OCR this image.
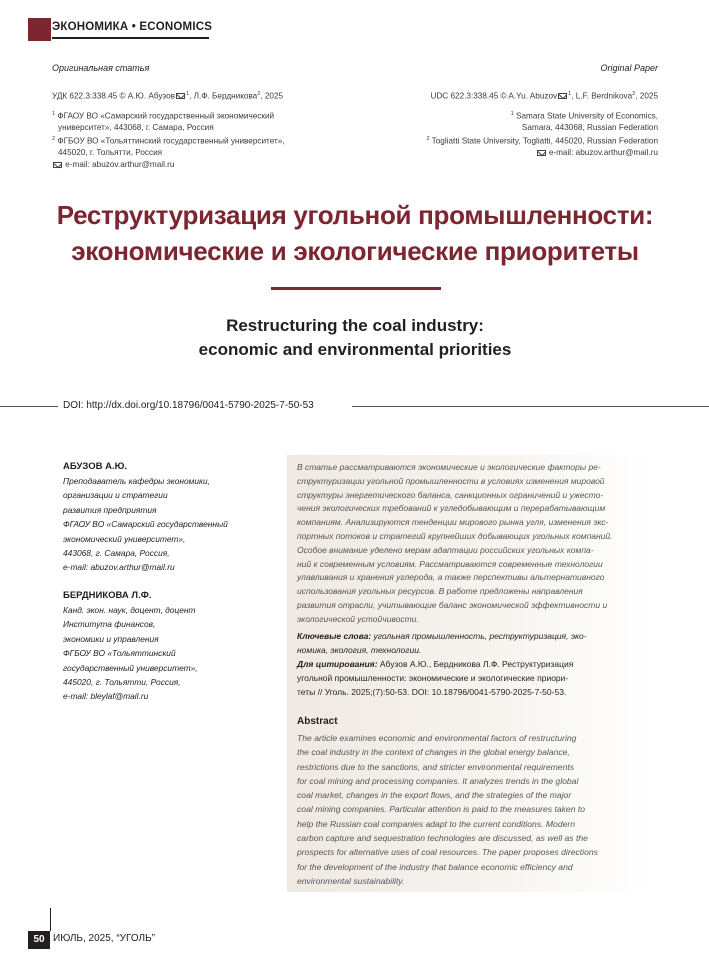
ЭКОНОМИКА • ECONOMICS
Оригинальная статья	Original Paper
УДК 622.3:338.45 © А.Ю. Абузов $^1$, Л.Ф. Бердникова$^2$, 2025
$^1$ ФГАОУ ВО «Самарский государственный экономический
университет», 443068, г. Самара, Россия
$^2$ ФГБОУ ВО «Тольяттинский государственный университет»,
445020, г. Тольятти, Россия
e-mail: abuzov.arthur@mail.ru
UDC 622.3:338.45 © A.Yu. Abuzov $^1$, L.F. Berdnikova$^2$, 2025
$^1$ Samara State University of Economics,
Samara, 443068, Russian Federation
$^2$ Togliatti State University, Togliatti, 445020, Russian Federation
e-mail: abuzov.arthur@mail.ru
Реструктуризация угольной промышленности:
экономические и экологические приоритеты
Restructuring the coal industry:
economic and environmental priorities
DOI: http://dx.doi.org/10.18796/0041-5790-2025-7-50-53
АБУЗОВ А.Ю.
Преподаватель кафедры экономики,
организации и стратегии
развития предприятия
ФГАОУ ВО «Самарский государственный
экономический университет»,
443068, г. Самара, Россия,
e-mail: abuzov.arthur@mail.ru
БЕРДНИКОВА Л.Ф.
Канд. экон. наук, доцент, доцент
Института финансов,
экономики и управления
ФГБОУ ВО «Тольяттинский
государственный университет»,
445020, г. Тольятти, Россия,
e-mail: bleylaf@mail.ru
В статье рассматриваются экономические и экологические факторы ре-
структуризации угольной промышленности в условиях изменения мировой
структуры энергетического баланса, санкционных ограничений и ужесто-
чения экологических требований к угледобывающим и перерабатывающим
компаниям. Анализируются тенденции мирового рынка угля, изменения экс-
портных потоков и стратегий крупнейших добывающих угольных компаний.
Особое внимание уделено мерам адаптации российских угольных компа-
ний к современным условиям. Рассматриваются современные технологии
улавливания и хранения углерода, а также перспективы альтернативного
использования угольных ресурсов. В работе предложены направления
развития отрасли, учитывающие баланс экономической эффективности и
экологической устойчивости.
Ключевые слова: угольная промышленность, реструктуризация, эко-
номика, экология, технологии.
Для цитирования: Абузов А.Ю., Бердникова Л.Ф. Реструктуризация
угольной промышленности: экономические и экологические приори-
теты // Уголь. 2025;(7):50-53. DOI: 10.18796/0041-5790-2025-7-50-53.
Abstract
The article examines economic and environmental factors of restructuring
the coal industry in the context of changes in the global energy balance,
restrictions due to the sanctions, and stricter environmental requirements
for coal mining and processing companies. It analyzes trends in the global
coal market, changes in the export flows, and the strategies of the major
coal mining companies. Particular attention is paid to the measures taken to
help the Russian coal companies adapt to the current conditions. Modern
carbon capture and sequestration technologies are discussed, as well as the
prospects for alternative uses of coal resources. The paper proposes directions
for the development of the industry that balance economic efficiency and
environmental sustainability.
50 ИЮЛЬ, 2025, “УГОЛЬ”
